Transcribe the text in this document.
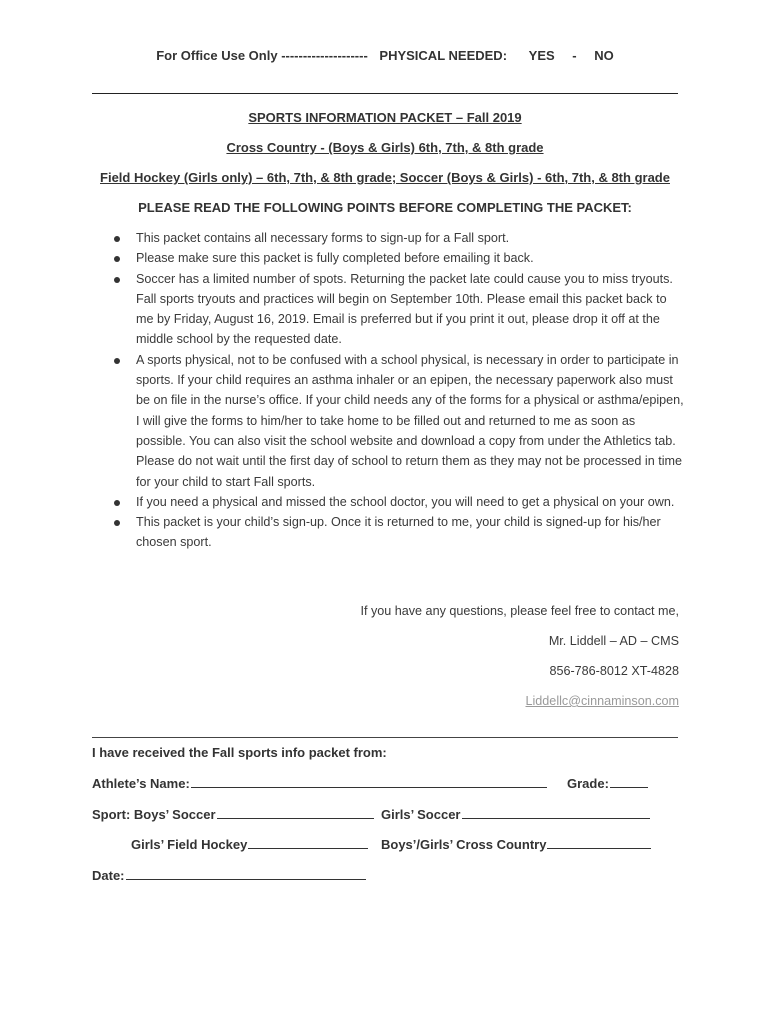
For Office Use Only -------------------- PHYSICAL NEEDED: YES - NO
SPORTS INFORMATION PACKET – Fall 2019
Cross Country - (Boys & Girls) 6th, 7th, & 8th grade
Field Hockey (Girls only) – 6th, 7th, & 8th grade; Soccer (Boys & Girls) - 6th, 7th, & 8th grade
PLEASE READ THE FOLLOWING POINTS BEFORE COMPLETING THE PACKET:
This packet contains all necessary forms to sign-up for a Fall sport.
Please make sure this packet is fully completed before emailing it back.
Soccer has a limited number of spots. Returning the packet late could cause you to miss tryouts. Fall sports tryouts and practices will begin on September 10th. Please email this packet back to me by Friday, August 16, 2019. Email is preferred but if you print it out, please drop it off at the middle school by the requested date.
A sports physical, not to be confused with a school physical, is necessary in order to participate in sports. If your child requires an asthma inhaler or an epipen, the necessary paperwork also must be on file in the nurse’s office. If your child needs any of the forms for a physical or asthma/epipen, I will give the forms to him/her to take home to be filled out and returned to me as soon as possible. You can also visit the school website and download a copy from under the Athletics tab. Please do not wait until the first day of school to return them as they may not be processed in time for your child to start Fall sports.
If you need a physical and missed the school doctor, you will need to get a physical on your own.
This packet is your child’s sign-up. Once it is returned to me, your child is signed-up for his/her chosen sport.
If you have any questions, please feel free to contact me,
Mr. Liddell – AD – CMS
856-786-8012 XT-4828
Liddellc@cinnaminson.com
I have received the Fall sports info packet from:
Athlete’s Name:	Grade:
Sport: Boys’ Soccer	Girls’ Soccer
Girls’ Field Hockey	Boys’/Girls’ Cross Country
Date:
